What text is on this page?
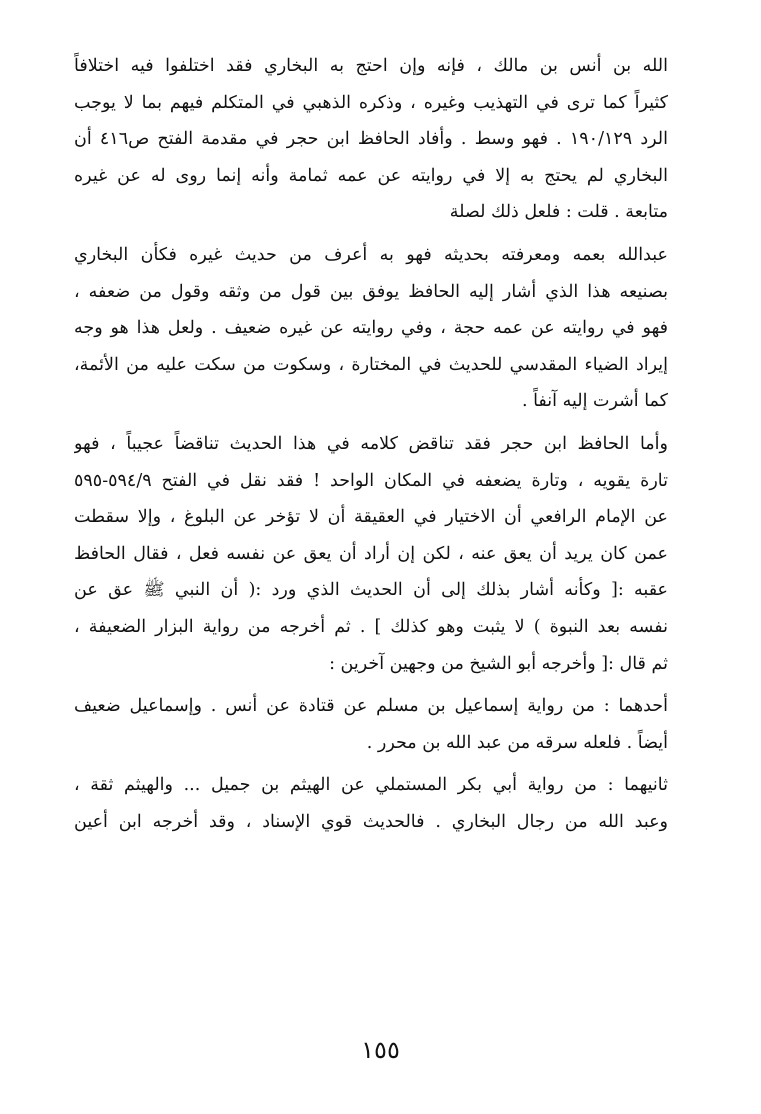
الله بن أنس بن مالك ، فإنه وإن احتج به البخاري فقد اختلفوا فيه اختلافاً
كثيراً كما ترى في التهذيب وغيره ، وذكره الذهبي في المتكلم فيهم بما لا يوجب
الرد ١٩٠/١٢٩ . فهو وسط . وأفاد الحافظ ابن حجر في مقدمة الفتح ص٤١٦ أن
البخاري لم يحتج به إلا في روايته عن عمه ثمامة وأنه إنما روى له عن غيره
متابعة . قلت : فلعل ذلك لصلة
عبدالله بعمه ومعرفته بحديثه فهو به أعرف من حديث غيره فكأن البخاري
بصنيعه هذا الذي أشار إليه الحافظ يوفق بين قول من وثقه وقول من ضعفه ،
فهو في روايته عن عمه حجة ، وفي روايته عن غيره ضعيف . ولعل هذا هو وجه
إيراد الضياء المقدسي للحديث في المختارة ، وسكوت من سكت عليه من الأئمة،
كما أشرت إليه آنفاً .
وأما الحافظ ابن حجر فقد تناقض كلامه في هذا الحديث تناقضاً عجيباً ، فهو
تارة يقويه ، وتارة يضعفه في المكان الواحد ! فقد نقل في الفتح ٥٩٤/٩-٥٩٥
عن الإمام الرافعي أن الاختيار في العقيقة أن لا تؤخر عن البلوغ ، وإلا سقطت
عمن كان يريد أن يعق عنه ، لكن إن أراد أن يعق عن نفسه فعل ، فقال الحافظ
عقبه :[ وكأنه أشار بذلك إلى أن الحديث الذي ورد :( أن النبي ﷺ عق عن
نفسه بعد النبوة ) لا يثبت وهو كذلك ] . ثم أخرجه من رواية البزار الضعيفة ،
ثم قال :[ وأخرجه أبو الشيخ من وجهين آخرين :
أحدهما : من رواية إسماعيل بن مسلم عن قتادة عن أنس . وإسماعيل ضعيف
أيضاً . فلعله سرقه من عبد الله بن محرر .
ثانيهما : من رواية أبي بكر المستملي عن الهيثم بن جميل ... والهيثم ثقة ،
وعبد الله من رجال البخاري . فالحديث قوي الإسناد ، وقد أخرجه ابن أعين
١٥٥
